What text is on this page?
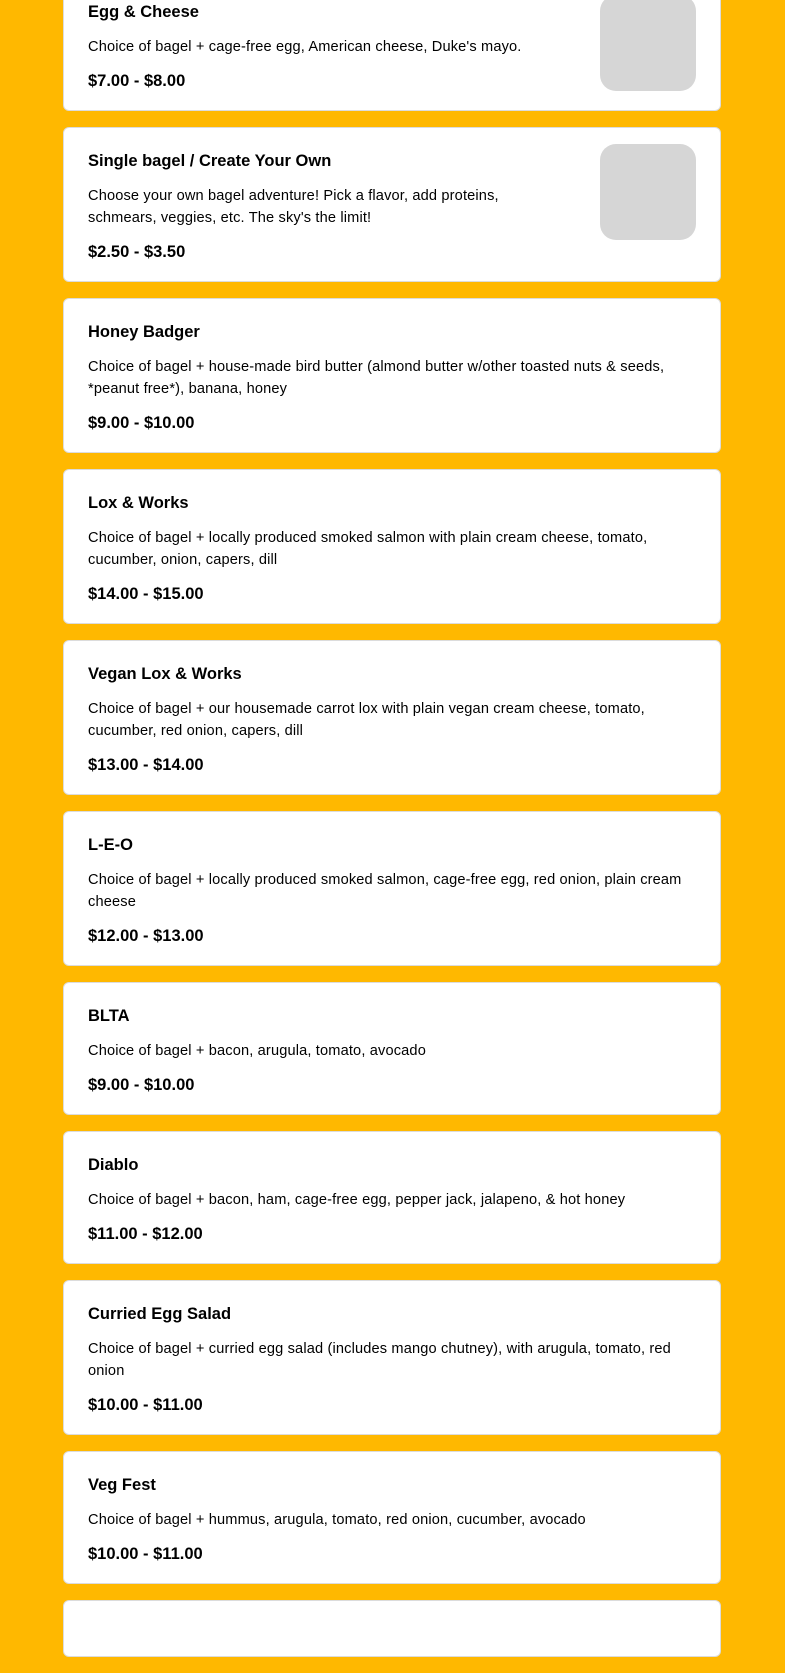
Egg & Cheese
Choice of bagel + cage-free egg, American cheese, Duke's mayo.
$7.00 - $8.00
Single bagel / Create Your Own
Choose your own bagel adventure! Pick a flavor, add proteins, schmears, veggies, etc. The sky's the limit!
$2.50 - $3.50
Honey Badger
Choice of bagel + house-made bird butter (almond butter w/other toasted nuts & seeds, *peanut free*), banana, honey
$9.00 - $10.00
Lox & Works
Choice of bagel + locally produced smoked salmon with plain cream cheese, tomato, cucumber, onion, capers, dill
$14.00 - $15.00
Vegan Lox & Works
Choice of bagel + our housemade carrot lox with plain vegan cream cheese, tomato, cucumber, red onion, capers, dill
$13.00 - $14.00
L-E-O
Choice of bagel + locally produced smoked salmon, cage-free egg, red onion, plain cream cheese
$12.00 - $13.00
BLTA
Choice of bagel + bacon, arugula, tomato, avocado
$9.00 - $10.00
Diablo
Choice of bagel + bacon, ham, cage-free egg, pepper jack, jalapeno, & hot honey
$11.00 - $12.00
Curried Egg Salad
Choice of bagel + curried egg salad (includes mango chutney), with arugula, tomato, red onion
$10.00 - $11.00
Veg Fest
Choice of bagel + hummus, arugula, tomato, red onion, cucumber, avocado
$10.00 - $11.00
